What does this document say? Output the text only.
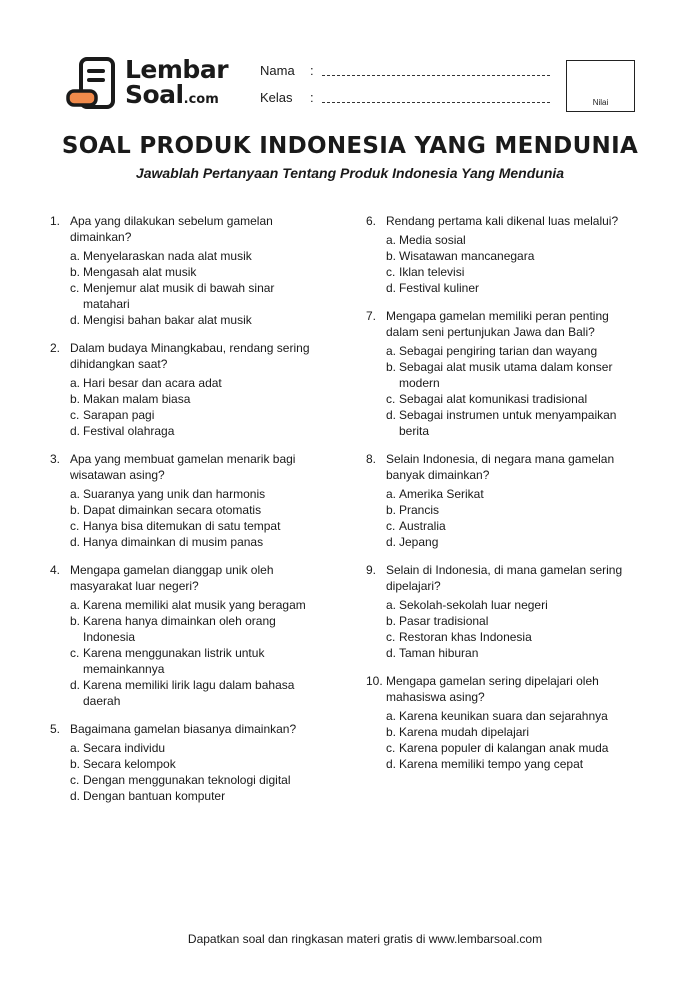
Lembar
Soal.com
Nama	:
Kelas	:	Nilai
SOAL PRODUK INDONESIA YANG MENDUNIA
Jawablah Pertanyaan Tentang Produk Indonesia Yang Mendunia
1. Apa yang dilakukan sebelum gamelan dimainkan?
a. Menyelaraskan nada alat musik
b. Mengasah alat musik
c. Menjemur alat musik di bawah sinar matahari
d. Mengisi bahan bakar alat musik
2. Dalam budaya Minangkabau, rendang sering dihidangkan saat?
a. Hari besar dan acara adat
b. Makan malam biasa
c. Sarapan pagi
d. Festival olahraga
3. Apa yang membuat gamelan menarik bagi wisatawan asing?
a. Suaranya yang unik dan harmonis
b. Dapat dimainkan secara otomatis
c. Hanya bisa ditemukan di satu tempat
d. Hanya dimainkan di musim panas
4. Mengapa gamelan dianggap unik oleh masyarakat luar negeri?
a. Karena memiliki alat musik yang beragam
b. Karena hanya dimainkan oleh orang Indonesia
c. Karena menggunakan listrik untuk memainkannya
d. Karena memiliki lirik lagu dalam bahasa daerah
5. Bagaimana gamelan biasanya dimainkan?
a. Secara individu
b. Secara kelompok
c. Dengan menggunakan teknologi digital
d. Dengan bantuan komputer
6. Rendang pertama kali dikenal luas melalui?
a. Media sosial
b. Wisatawan mancanegara
c. Iklan televisi
d. Festival kuliner
7. Mengapa gamelan memiliki peran penting dalam seni pertunjukan Jawa dan Bali?
a. Sebagai pengiring tarian dan wayang
b. Sebagai alat musik utama dalam konser modern
c. Sebagai alat komunikasi tradisional
d. Sebagai instrumen untuk menyampaikan berita
8. Selain Indonesia, di negara mana gamelan banyak dimainkan?
a. Amerika Serikat
b. Prancis
c. Australia
d. Jepang
9. Selain di Indonesia, di mana gamelan sering dipelajari?
a. Sekolah-sekolah luar negeri
b. Pasar tradisional
c. Restoran khas Indonesia
d. Taman hiburan
10. Mengapa gamelan sering dipelajari oleh mahasiswa asing?
a. Karena keunikan suara dan sejarahnya
b. Karena mudah dipelajari
c. Karena populer di kalangan anak muda
d. Karena memiliki tempo yang cepat
Dapatkan soal dan ringkasan materi gratis di www.lembarsoal.com
